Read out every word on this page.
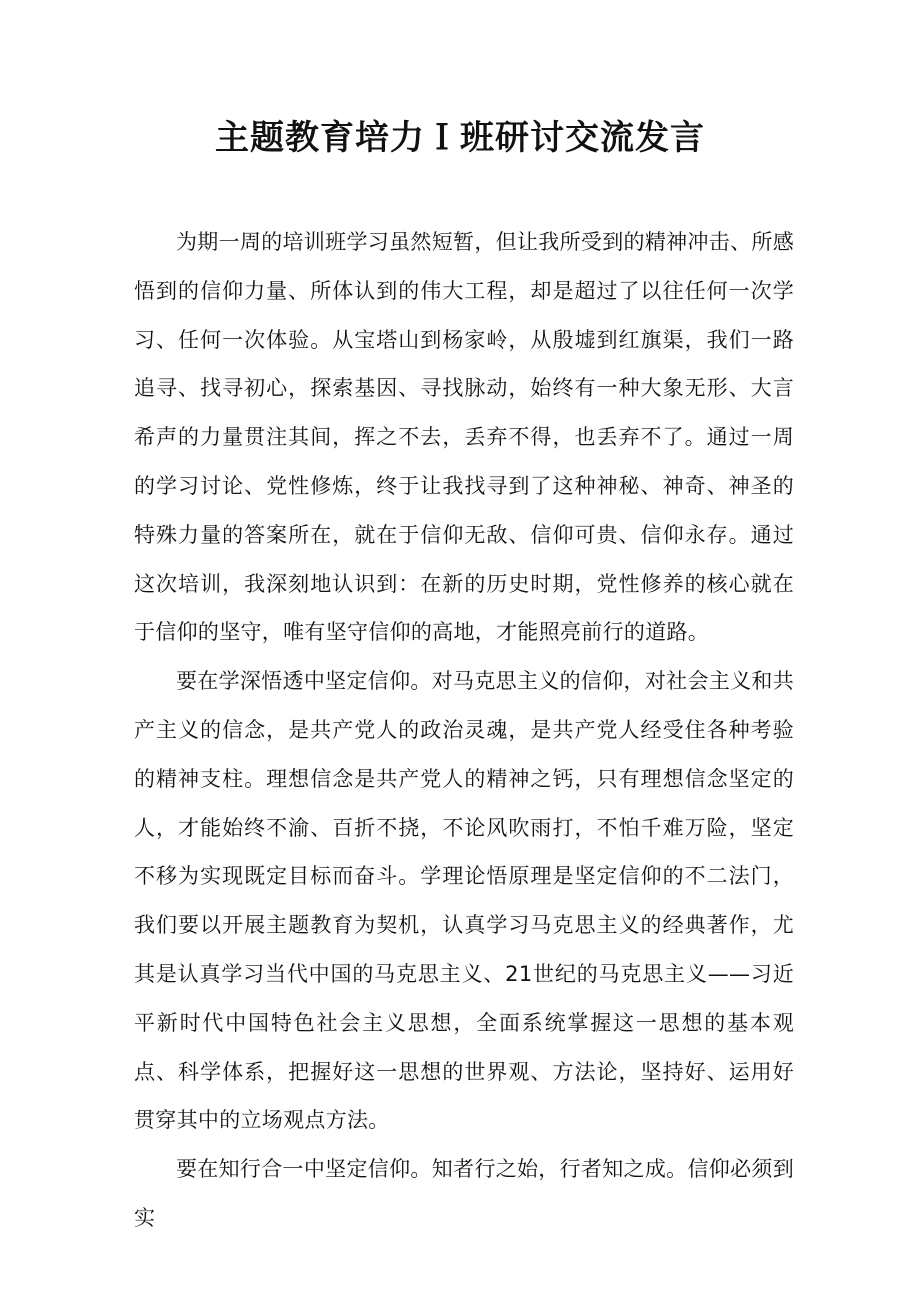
主题教育培力Ｉ班研讨交流发言

为期一周的培训班学习虽然短暂，但让我所受到的精神冲击、所感悟到的信仰力量、所体认到的伟大工程，却是超过了以往任何一次学习、任何一次体验。从宝塔山到杨家岭，从殷墟到红旗渠，我们一路追寻、找寻初心，探索基因、寻找脉动，始终有一种大象无形、大言希声的力量贯注其间，挥之不去，丢弃不得，也丢弃不了。通过一周的学习讨论、党性修炼，终于让我找寻到了这种神秘、神奇、神圣的特殊力量的答案所在，就在于信仰无敌、信仰可贵、信仰永存。通过这次培训，我深刻地认识到：在新的历史时期，党性修养的核心就在于信仰的坚守，唯有坚守信仰的高地，才能照亮前行的道路。

要在学深悟透中坚定信仰。对马克思主义的信仰，对社会主义和共产主义的信念，是共产党人的政治灵魂，是共产党人经受住各种考验的精神支柱。理想信念是共产党人的精神之钙，只有理想信念坚定的人，才能始终不渝、百折不挠，不论风吹雨打，不怕千难万险，坚定不移为实现既定目标而奋斗。学理论悟原理是坚定信仰的不二法门，我们要以开展主题教育为契机，认真学习马克思主义的经典著作，尤其是认真学习当代中国的马克思主义、21世纪的马克思主义——习近平新时代中国特色社会主义思想，全面系统掌握这一思想的基本观点、科学体系，把握好这一思想的世界观、方法论，坚持好、运用好贯穿其中的立场观点方法。

要在知行合一中坚定信仰。知者行之始，行者知之成。信仰必须到实
